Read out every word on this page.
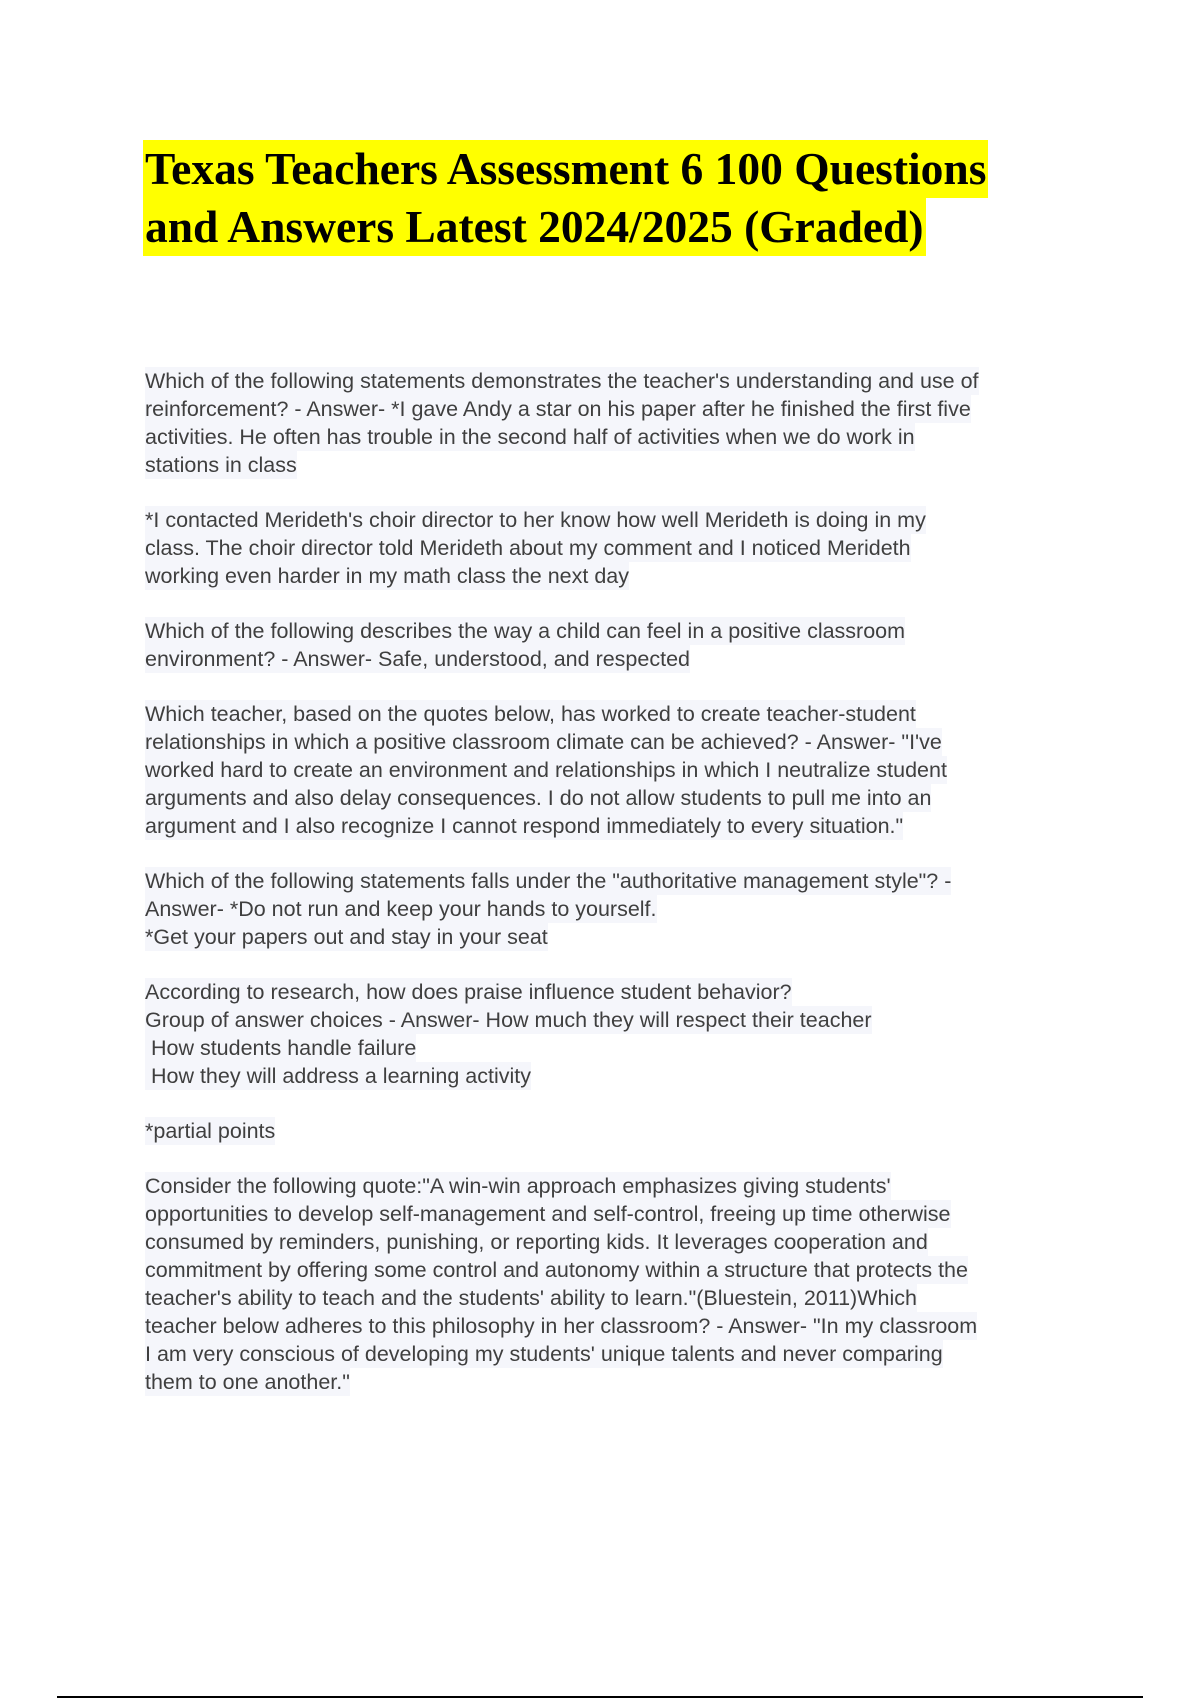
Texas Teachers Assessment 6 100 Questions
and Answers Latest 2024/2025 (Graded)
Which of the following statements demonstrates the teacher's understanding and use of
reinforcement? - Answer- *I gave Andy a star on his paper after he finished the first five
activities. He often has trouble in the second half of activities when we do work in
stations in class
*I contacted Merideth's choir director to her know how well Merideth is doing in my
class. The choir director told Merideth about my comment and I noticed Merideth
working even harder in my math class the next day
Which of the following describes the way a child can feel in a positive classroom
environment? - Answer- Safe, understood, and respected
Which teacher, based on the quotes below, has worked to create teacher-student
relationships in which a positive classroom climate can be achieved? - Answer- "I've
worked hard to create an environment and relationships in which I neutralize student
arguments and also delay consequences. I do not allow students to pull me into an
argument and I also recognize I cannot respond immediately to every situation."
Which of the following statements falls under the "authoritative management style"? -
Answer- *Do not run and keep your hands to yourself.
*Get your papers out and stay in your seat
According to research, how does praise influence student behavior?
Group of answer choices - Answer- How much they will respect their teacher
How students handle failure
How they will address a learning activity
*partial points
Consider the following quote:"A win-win approach emphasizes giving students'
opportunities to develop self-management and self-control, freeing up time otherwise
consumed by reminders, punishing, or reporting kids. It leverages cooperation and
commitment by offering some control and autonomy within a structure that protects the
teacher's ability to teach and the students' ability to learn."(Bluestein, 2011)Which
teacher below adheres to this philosophy in her classroom? - Answer- "In my classroom
I am very conscious of developing my students' unique talents and never comparing
them to one another."
